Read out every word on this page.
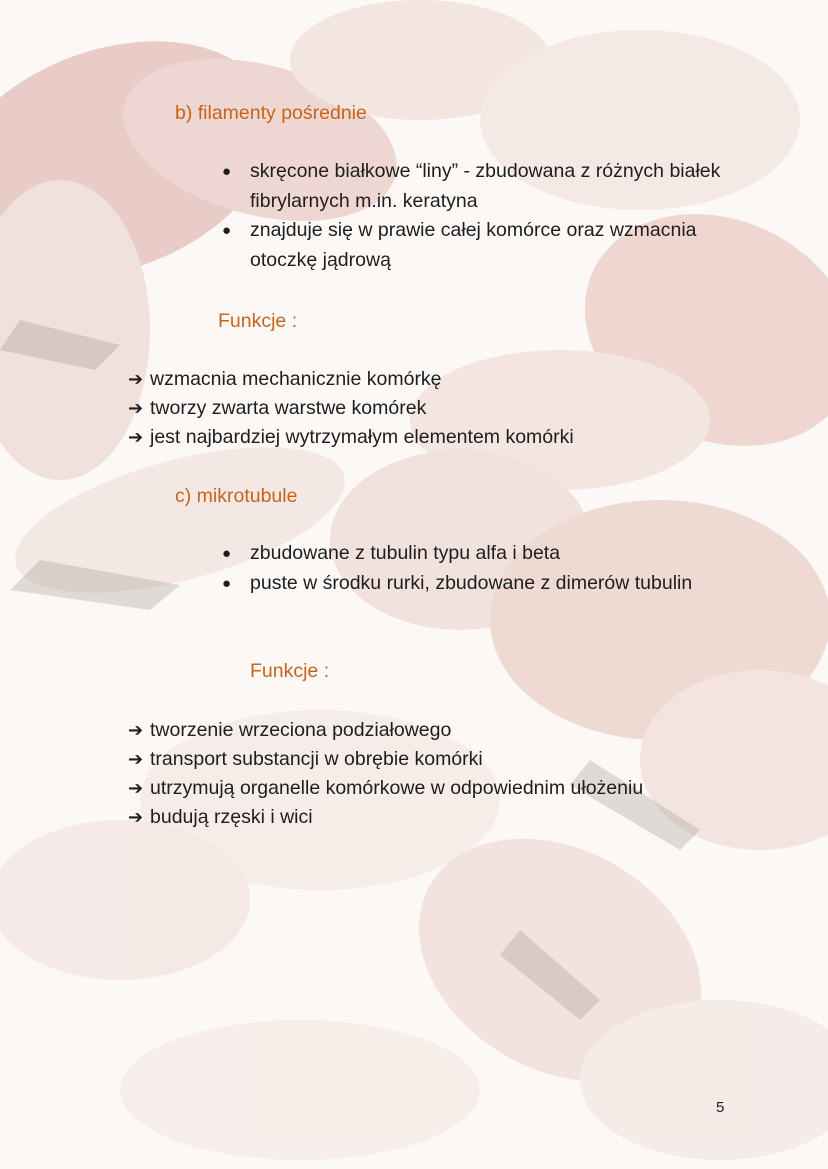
b) filamenty pośrednie
● skręcone białkowe “liny” - zbudowana z różnych białek fibrylarnych m.in. keratyna
● znajduje się w prawie całej komórce oraz wzmacnia otoczkę jądrową
Funkcje :
➔ wzmacnia mechanicznie komórkę
➔ tworzy zwarta warstwe komórek
➔ jest najbardziej wytrzymałym elementem komórki
c) mikrotubule
● zbudowane z tubulin typu alfa i beta
● puste w środku rurki, zbudowane z dimerów tubulin
Funkcje :
➔ tworzenie wrzeciona podziałowego
➔ transport substancji w obrębie komórki
➔ utrzymują organelle komórkowe w odpowiednim ułożeniu
➔ budują rzęski i wici
5
